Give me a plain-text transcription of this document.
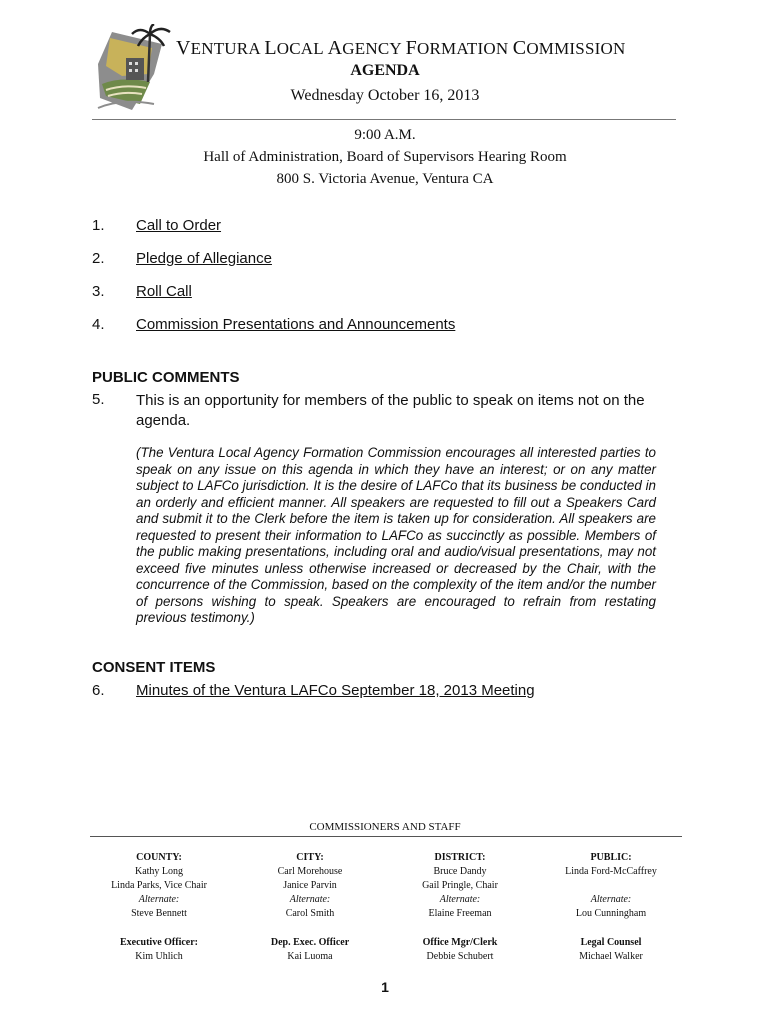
VENTURA LOCAL AGENCY FORMATION COMMISSION
AGENDA
Wednesday October 16, 2013
9:00 A.M.
Hall of Administration, Board of Supervisors Hearing Room
800 S. Victoria Avenue, Ventura CA
1. Call to Order
2. Pledge of Allegiance
3. Roll Call
4. Commission Presentations and Announcements
PUBLIC COMMENTS
5. This is an opportunity for members of the public to speak on items not on the agenda.
(The Ventura Local Agency Formation Commission encourages all interested parties to speak on any issue on this agenda in which they have an interest; or on any matter subject to LAFCo jurisdiction. It is the desire of LAFCo that its business be conducted in an orderly and efficient manner. All speakers are requested to fill out a Speakers Card and submit it to the Clerk before the item is taken up for consideration. All speakers are requested to present their information to LAFCo as succinctly as possible. Members of the public making presentations, including oral and audio/visual presentations, may not exceed five minutes unless otherwise increased or decreased by the Chair, with the concurrence of the Commission, based on the complexity of the item and/or the number of persons wishing to speak. Speakers are encouraged to refrain from restating previous testimony.)
CONSENT ITEMS
6. Minutes of the Ventura LAFCo September 18, 2013 Meeting
COMMISSIONERS AND STAFF
COUNTY:
Kathy Long
Linda Parks, Vice Chair
Alternate:
Steve Bennett
CITY:
Carl Morehouse
Janice Parvin
Alternate:
Carol Smith
DISTRICT:
Bruce Dandy
Gail Pringle, Chair
Alternate:
Elaine Freeman
PUBLIC:
Linda Ford-McCaffrey
Alternate:
Lou Cunningham
Executive Officer:
Kim Uhlich
Dep. Exec. Officer
Kai Luoma
Office Mgr/Clerk
Debbie Schubert
Legal Counsel
Michael Walker
1
